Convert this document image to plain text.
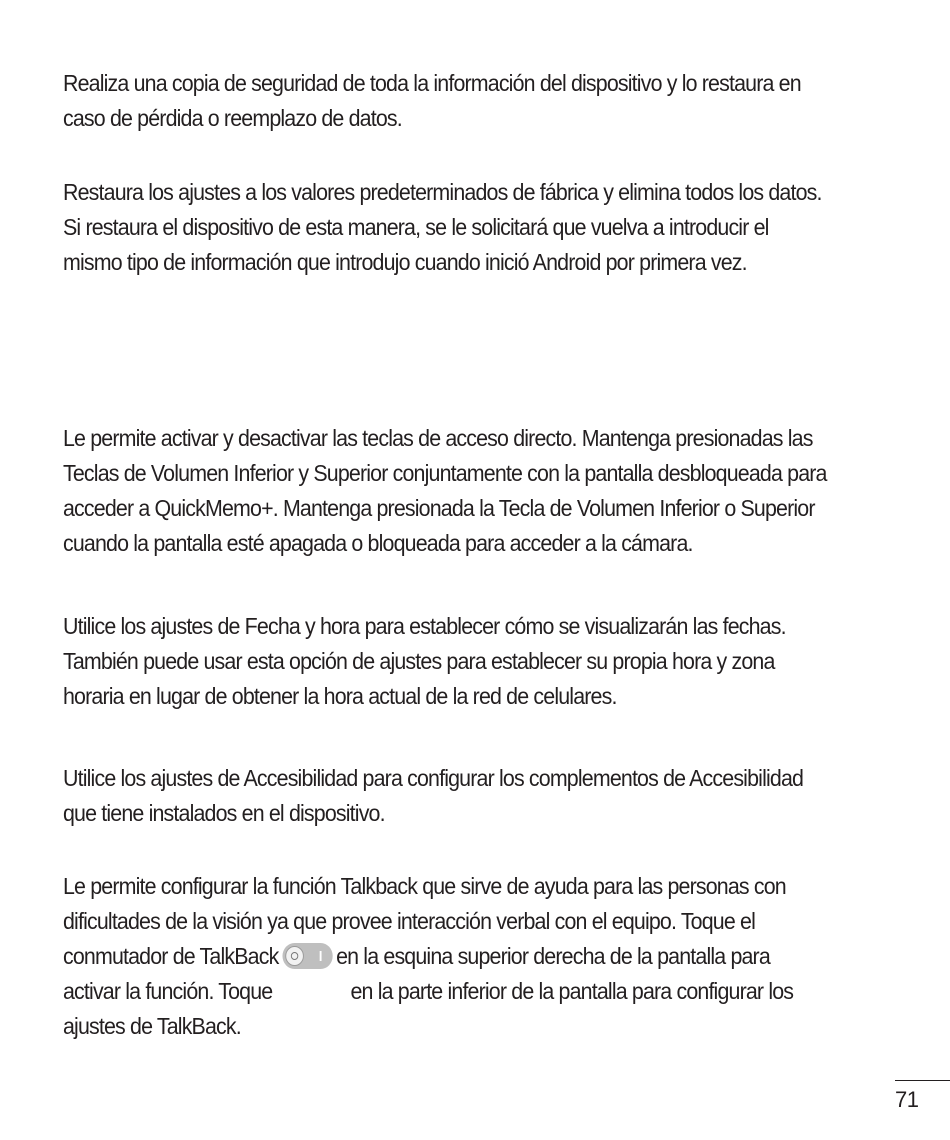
Realiza una copia de seguridad de toda la información del dispositivo y lo restaura en
caso de pérdida o reemplazo de datos.

Restaura los ajustes a los valores predeterminados de fábrica y elimina todos los datos.
Si restaura el dispositivo de esta manera, se le solicitará que vuelva a introducir el
mismo tipo de información que introdujo cuando inició Android por primera vez.

Le permite activar y desactivar las teclas de acceso directo. Mantenga presionadas las
Teclas de Volumen Inferior y Superior conjuntamente con la pantalla desbloqueada para
acceder a QuickMemo+. Mantenga presionada la Tecla de Volumen Inferior o Superior
cuando la pantalla esté apagada o bloqueada para acceder a la cámara.

Utilice los ajustes de Fecha y hora para establecer cómo se visualizarán las fechas.
También puede usar esta opción de ajustes para establecer su propia hora y zona
horaria en lugar de obtener la hora actual de la red de celulares.

Utilice los ajustes de Accesibilidad para configurar los complementos de Accesibilidad
que tiene instalados en el dispositivo.

Le permite configurar la función Talkback que sirve de ayuda para las personas con
dificultades de la visión ya que provee interacción verbal con el equipo. Toque el
conmutador de TalkBack	en la esquina superior derecha de la pantalla para
activar la función. Toque	en la parte inferior de la pantalla para configurar los
ajustes de TalkBack.

71
